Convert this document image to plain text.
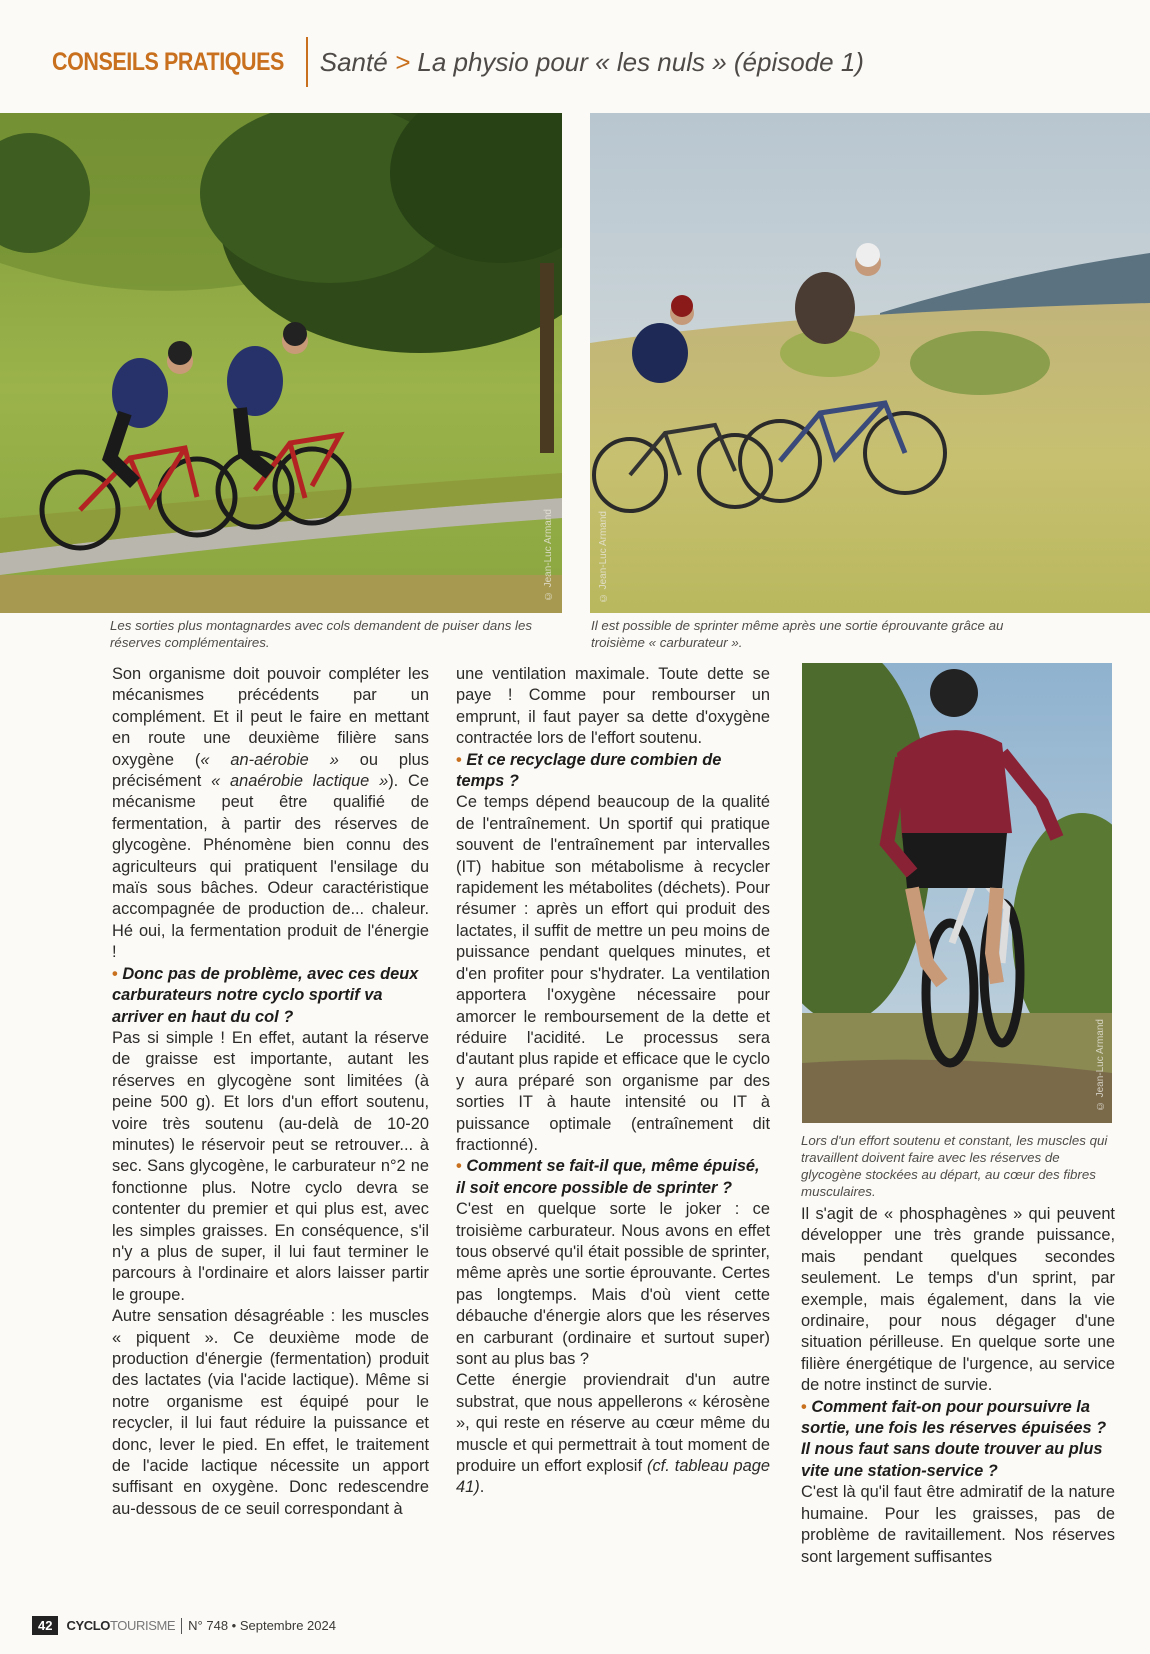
CONSEILS PRATIQUES Santé > La physio pour « les nuls » (épisode 1)
© Jean-Luc Armand
Les sorties plus montagnardes avec cols demandent de puiser dans les réserves complémentaires.
© Jean-Luc Armand
Il est possible de sprinter même après une sortie éprouvante grâce au troisième « carburateur ».
© Jean-Luc Armand
Lors d'un effort soutenu et constant, les muscles qui travaillent doivent faire avec les réserves de glycogène stockées au départ, au cœur des fibres musculaires.

Son organisme doit pouvoir compléter les mécanismes précédents par un complément. Et il peut le faire en mettant en route une deuxième filière sans oxygène (« an-aérobie » ou plus précisément « anaérobie lactique »). Ce mécanisme peut être qualifié de fermentation, à partir des réserves de glycogène. Phénomène bien connu des agriculteurs qui pratiquent l'ensilage du maïs sous bâches. Odeur caractéristique accompagnée de production de... chaleur. Hé oui, la fermentation produit de l'énergie !

• Donc pas de problème, avec ces deux carburateurs notre cyclo sportif va arriver en haut du col ?

Pas si simple ! En effet, autant la réserve de graisse est importante, autant les réserves en glycogène sont limitées (à peine 500 g). Et lors d'un effort soutenu, voire très soutenu (au-delà de 10-20 minutes) le réservoir peut se retrouver... à sec. Sans glycogène, le carburateur n°2 ne fonctionne plus. Notre cyclo devra se contenter du premier et qui plus est, avec les simples graisses. En conséquence, s'il n'y a plus de super, il lui faut terminer le parcours à l'ordinaire et alors laisser partir le groupe.

Autre sensation désagréable : les muscles « piquent ». Ce deuxième mode de production d'énergie (fermentation) produit des lactates (via l'acide lactique). Même si notre organisme est équipé pour le recycler, il lui faut réduire la puissance et donc, lever le pied. En effet, le traitement de l'acide lactique nécessite un apport suffisant en oxygène. Donc redescendre au-dessous de ce seuil correspondant à

une ventilation maximale. Toute dette se paye ! Comme pour rembourser un emprunt, il faut payer sa dette d'oxygène contractée lors de l'effort soutenu.

• Et ce recyclage dure combien de temps ?

Ce temps dépend beaucoup de la qualité de l'entraînement. Un sportif qui pratique souvent de l'entraînement par intervalles (IT) habitue son métabolisme à recycler rapidement les métabolites (déchets). Pour résumer : après un effort qui produit des lactates, il suffit de mettre un peu moins de puissance pendant quelques minutes, et d'en profiter pour s'hydrater. La ventilation apportera l'oxygène nécessaire pour amorcer le remboursement de la dette et réduire l'acidité. Le processus sera d'autant plus rapide et efficace que le cyclo y aura préparé son organisme par des sorties IT à haute intensité ou IT à puissance optimale (entraînement dit fractionné).

• Comment se fait-il que, même épuisé, il soit encore possible de sprinter ?

C'est en quelque sorte le joker : ce troisième carburateur. Nous avons en effet tous observé qu'il était possible de sprinter, même après une sortie éprouvante. Certes pas longtemps. Mais d'où vient cette débauche d'énergie alors que les réserves en carburant (ordinaire et surtout super) sont au plus bas ?

Cette énergie proviendrait d'un autre substrat, que nous appellerons « kérosène », qui reste en réserve au cœur même du muscle et qui permettrait à tout moment de produire un effort explosif (cf. tableau page 41).

Il s'agit de « phosphagènes » qui peuvent développer une très grande puissance, mais pendant quelques secondes seulement. Le temps d'un sprint, par exemple, mais également, dans la vie ordinaire, pour nous dégager d'une situation périlleuse. En quelque sorte une filière énergétique de l'urgence, au service de notre instinct de survie.

• Comment fait-on pour poursuivre la sortie, une fois les réserves épuisées ? Il nous faut sans doute trouver au plus vite une station-service ?

C'est là qu'il faut être admiratif de la nature humaine. Pour les graisses, pas de problème de ravitaillement. Nos réserves sont largement suffisantes

42	CYCLOTOURISME N° 748 • Septembre 2024
